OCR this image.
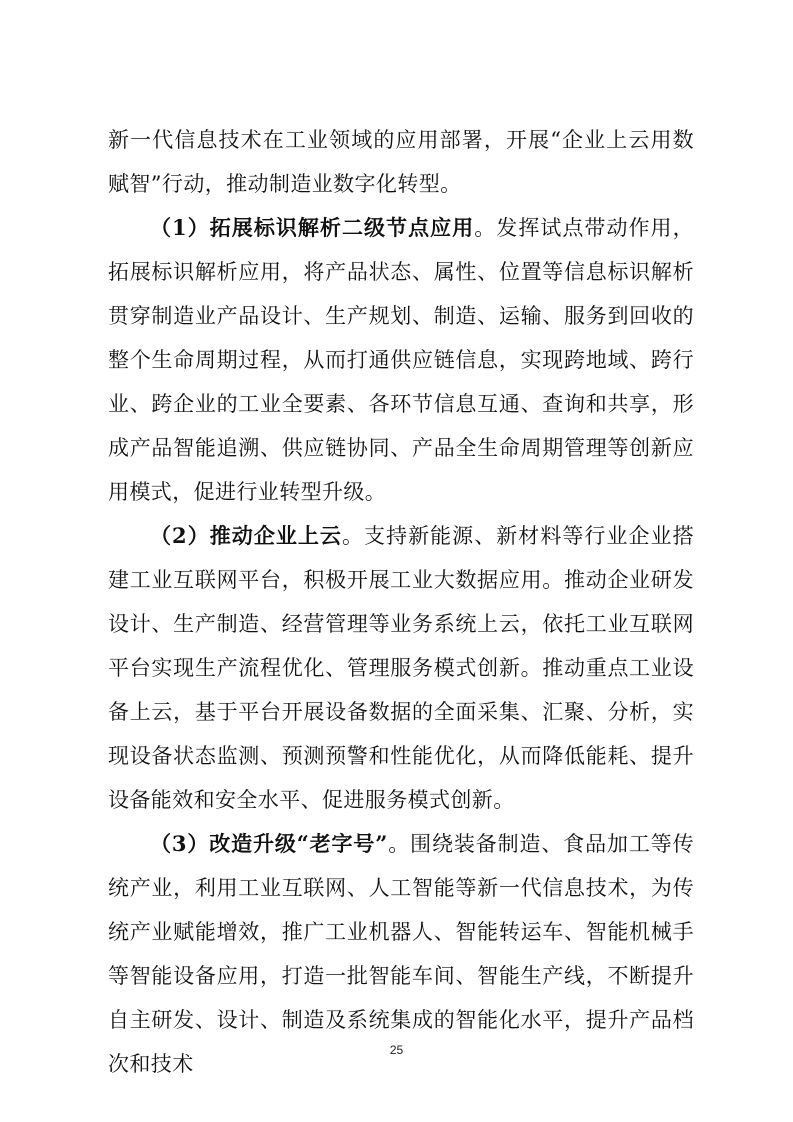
新一代信息技术在工业领域的应用部署，开展“企业上云用数赋智”行动，推动制造业数字化转型。

（1）拓展标识解析二级节点应用。发挥试点带动作用，拓展标识解析应用，将产品状态、属性、位置等信息标识解析贯穿制造业产品设计、生产规划、制造、运输、服务到回收的整个生命周期过程，从而打通供应链信息，实现跨地域、跨行业、跨企业的工业全要素、各环节信息互通、查询和共享，形成产品智能追溯、供应链协同、产品全生命周期管理等创新应用模式，促进行业转型升级。

（2）推动企业上云。支持新能源、新材料等行业企业搭建工业互联网平台，积极开展工业大数据应用。推动企业研发设计、生产制造、经营管理等业务系统上云，依托工业互联网平台实现生产流程优化、管理服务模式创新。推动重点工业设备上云，基于平台开展设备数据的全面采集、汇聚、分析，实现设备状态监测、预测预警和性能优化，从而降低能耗、提升设备能效和安全水平、促进服务模式创新。

（3）改造升级“老字号”。围绕装备制造、食品加工等传统产业，利用工业互联网、人工智能等新一代信息技术，为传统产业赋能增效，推广工业机器人、智能转运车、智能机械手等智能设备应用，打造一批智能车间、智能生产线，不断提升自主研发、设计、制造及系统集成的智能化水平，提升产品档次和技术

25
